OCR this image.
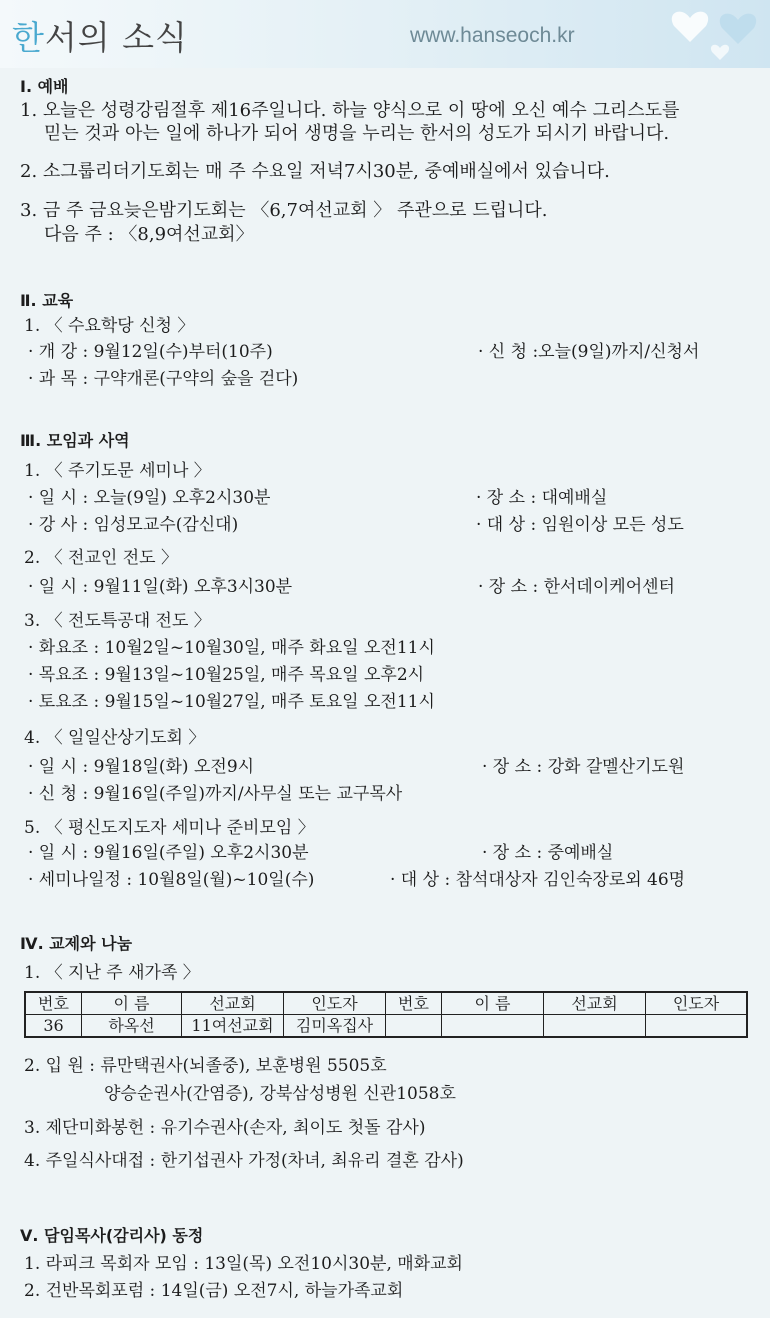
한서의 소식	www.hanseoch.kr
Ⅰ. 예배
1. 오늘은 성령강림절후 제16주일니다. 하늘 양식으로 이 땅에 오신 예수 그리스도를
믿는 것과 아는 일에 하나가 되어 생명을 누리는 한서의 성도가 되시기 바랍니다.
2. 소그룹리더기도회는 매 주 수요일 저녁7시30분, 중예배실에서 있습니다.
3. 금 주 금요늦은밤기도회는 〈6,7여선교회 〉 주관으로 드립니다.
다음 주 : 〈8,9여선교회〉
Ⅱ. 교육
1. 〈 수요학당 신청 〉
· 개 강 : 9월12일(수)부터(10주)	· 신 청 :오늘(9일)까지/신청서
· 과 목 : 구약개론(구약의 숲을 걷다)
Ⅲ. 모임과 사역
1. 〈 주기도문 세미나 〉
· 일 시 : 오늘(9일) 오후2시30분	· 장 소 : 대예배실
· 강 사 : 임성모교수(감신대)	· 대 상 : 임원이상 모든 성도
2. 〈 전교인 전도 〉
· 일 시 : 9월11일(화) 오후3시30분	· 장 소 : 한서데이케어센터
3. 〈 전도특공대 전도 〉
· 화요조 : 10월2일~10월30일, 매주 화요일 오전11시
· 목요조 : 9월13일~10월25일, 매주 목요일 오후2시
· 토요조 : 9월15일~10월27일, 매주 토요일 오전11시
4. 〈 일일산상기도회 〉
· 일 시 : 9월18일(화) 오전9시	· 장 소 : 강화 갈멜산기도원
· 신 청 : 9월16일(주일)까지/사무실 또는 교구목사
5. 〈 평신도지도자 세미나 준비모임 〉
· 일 시 : 9월16일(주일) 오후2시30분	· 장 소 : 중예배실
· 세미나일정 : 10월8일(월)~10일(수)	· 대 상 : 참석대상자 김인숙장로외 46명
Ⅳ. 교제와 나눔
1. 〈 지난 주 새가족 〉
번호	이 름	선교회	인도자	번호	이 름	선교회	인도자
36	하옥선	11여선교회	김미옥집사
2. 입 원 : 류만택권사(뇌졸중), 보훈병원 5505호
양승순권사(간염증), 강북삼성병원 신관1058호
3. 제단미화봉헌 : 유기수권사(손자, 최이도 첫돌 감사)
4. 주일식사대접 : 한기섭권사 가정(차녀, 최유리 결혼 감사)
Ⅴ. 담임목사(감리사) 동정
1. 라피크 목회자 모임 : 13일(목) 오전10시30분, 매화교회
2. 건반목회포럼 : 14일(금) 오전7시, 하늘가족교회
